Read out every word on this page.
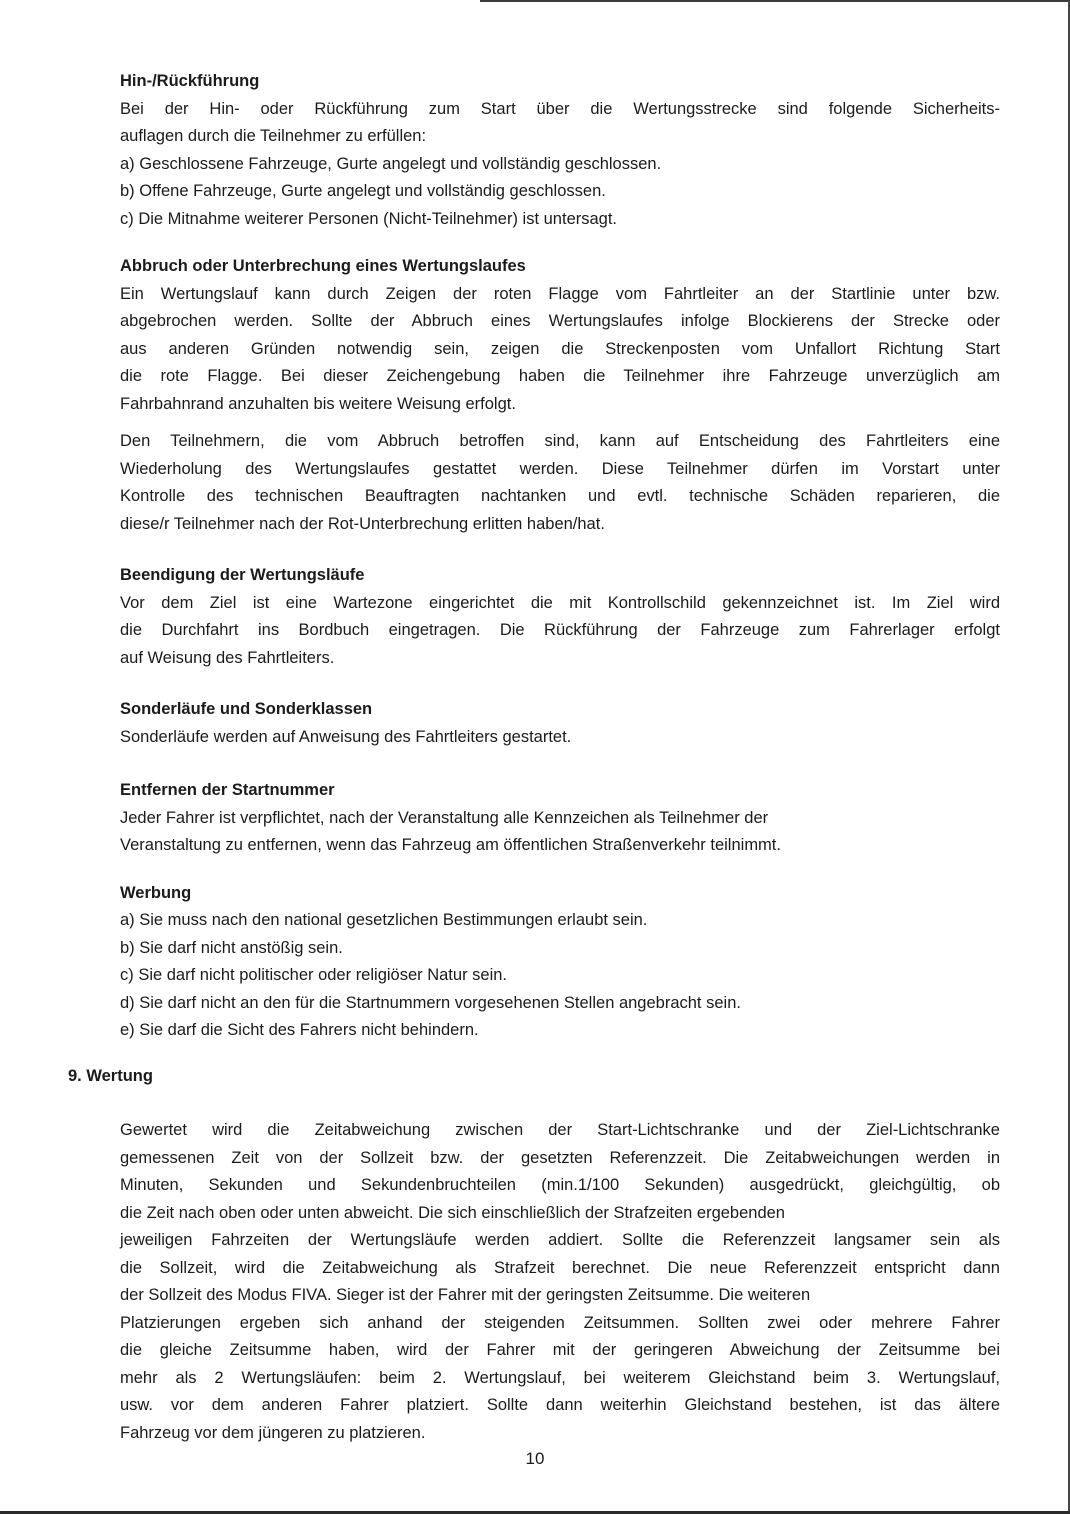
Hin-/Rückführung
Bei der Hin- oder Rückführung zum Start über die Wertungsstrecke sind folgende Sicherheits-
auflagen durch die Teilnehmer zu erfüllen:
a) Geschlossene Fahrzeuge, Gurte angelegt und vollständig geschlossen.
b) Offene Fahrzeuge, Gurte angelegt und vollständig geschlossen.
c) Die Mitnahme weiterer Personen (Nicht-Teilnehmer) ist untersagt.
Abbruch oder Unterbrechung eines Wertungslaufes
Ein Wertungslauf kann durch Zeigen der roten Flagge vom Fahrtleiter an der Startlinie unter bzw.
abgebrochen werden. Sollte der Abbruch eines Wertungslaufes infolge Blockierens der Strecke oder
aus anderen Gründen notwendig sein, zeigen die Streckenposten vom Unfallort Richtung Start
die rote Flagge. Bei dieser Zeichengebung haben die Teilnehmer ihre Fahrzeuge unverzüglich am
Fahrbahnrand anzuhalten bis weitere Weisung erfolgt.
Den Teilnehmern, die vom Abbruch betroffen sind, kann auf Entscheidung des Fahrtleiters eine
Wiederholung des Wertungslaufes gestattet werden. Diese Teilnehmer dürfen im Vorstart unter
Kontrolle des technischen Beauftragten nachtanken und evtl. technische Schäden reparieren, die
diese/r Teilnehmer nach der Rot-Unterbrechung erlitten haben/hat.
Beendigung der Wertungsläufe
Vor dem Ziel ist eine Wartezone eingerichtet die mit Kontrollschild gekennzeichnet ist. Im Ziel wird
die Durchfahrt ins Bordbuch eingetragen. Die Rückführung der Fahrzeuge zum Fahrerlager erfolgt
auf Weisung des Fahrtleiters.
Sonderläufe und Sonderklassen
Sonderläufe werden auf Anweisung des Fahrtleiters gestartet.
Entfernen der Startnummer
Jeder Fahrer ist verpflichtet, nach der Veranstaltung alle Kennzeichen als Teilnehmer der
Veranstaltung zu entfernen, wenn das Fahrzeug am öffentlichen Straßenverkehr teilnimmt.
Werbung
a) Sie muss nach den national gesetzlichen Bestimmungen erlaubt sein.
b) Sie darf nicht anstößig sein.
c) Sie darf nicht politischer oder religiöser Natur sein.
d) Sie darf nicht an den für die Startnummern vorgesehenen Stellen angebracht sein.
e) Sie darf die Sicht des Fahrers nicht behindern.
9. Wertung
Gewertet wird die Zeitabweichung zwischen der Start-Lichtschranke und der Ziel-Lichtschranke
gemessenen Zeit von der Sollzeit bzw. der gesetzten Referenzzeit. Die Zeitabweichungen werden in
Minuten, Sekunden und Sekundenbruchteilen (min.1/100 Sekunden) ausgedrückt, gleichgültig, ob
die Zeit nach oben oder unten abweicht. Die sich einschließlich der Strafzeiten ergebenden
jeweiligen Fahrzeiten der Wertungsläufe werden addiert. Sollte die Referenzzeit langsamer sein als
die Sollzeit, wird die Zeitabweichung als Strafzeit berechnet. Die neue Referenzzeit entspricht dann
der Sollzeit des Modus FIVA. Sieger ist der Fahrer mit der geringsten Zeitsumme. Die weiteren
Platzierungen ergeben sich anhand der steigenden Zeitsummen. Sollten zwei oder mehrere Fahrer
die gleiche Zeitsumme haben, wird der Fahrer mit der geringeren Abweichung der Zeitsumme bei
mehr als 2 Wertungsläufen: beim 2. Wertungslauf, bei weiterem Gleichstand beim 3. Wertungslauf,
usw. vor dem anderen Fahrer platziert. Sollte dann weiterhin Gleichstand bestehen, ist das ältere
Fahrzeug vor dem jüngeren zu platzieren.
10
